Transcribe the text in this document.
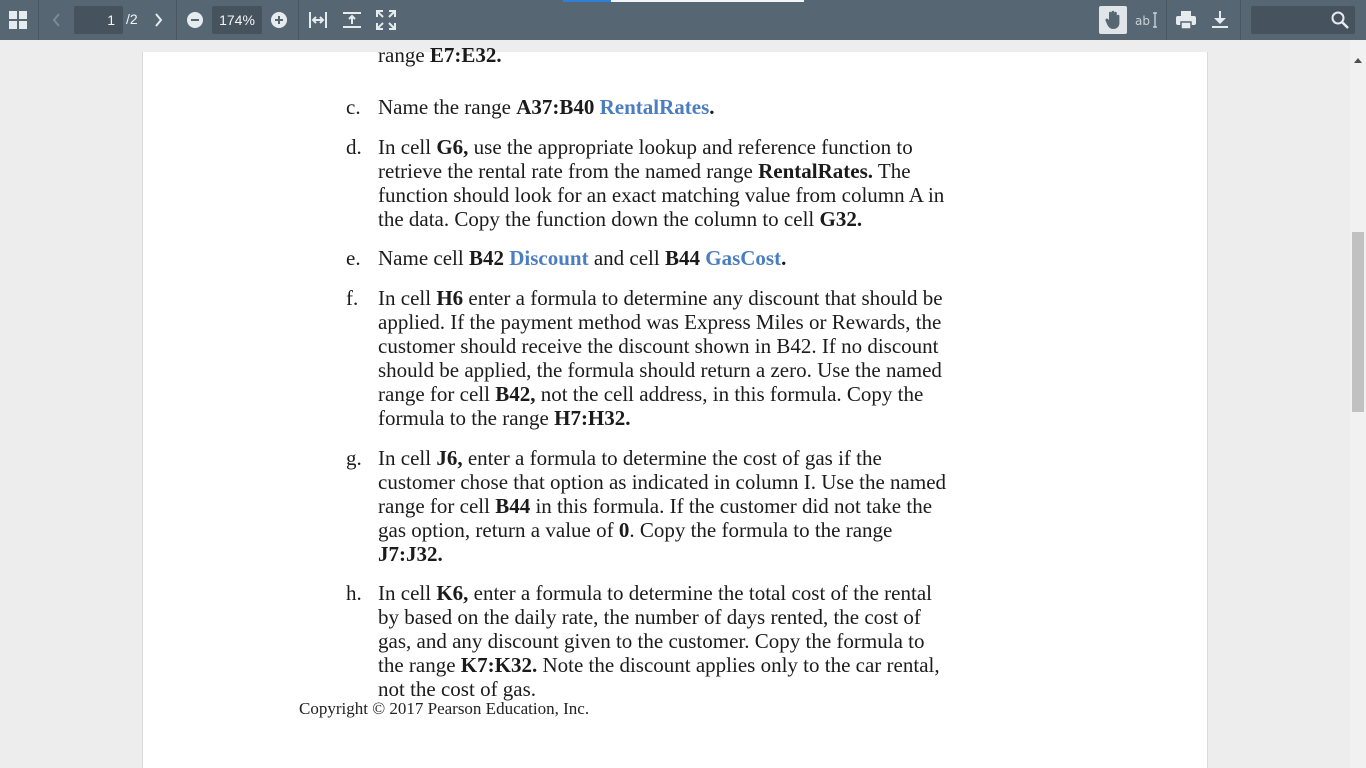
1 /2	174%	ab
range E7:E32.
c. Name the range A37:B40 RentalRates.
d. In cell G6, use the appropriate lookup and reference function to
retrieve the rental rate from the named range RentalRates. The
function should look for an exact matching value from column A in
the data. Copy the function down the column to cell G32.
e. Name cell B42 Discount and cell B44 GasCost.
f. In cell H6 enter a formula to determine any discount that should be
applied. If the payment method was Express Miles or Rewards, the
customer should receive the discount shown in B42. If no discount
should be applied, the formula should return a zero. Use the named
range for cell B42, not the cell address, in this formula. Copy the
formula to the range H7:H32.
g. In cell J6, enter a formula to determine the cost of gas if the
customer chose that option as indicated in column I. Use the named
range for cell B44 in this formula. If the customer did not take the
gas option, return a value of 0. Copy the formula to the range
J7:J32.
h. In cell K6, enter a formula to determine the total cost of the rental
by based on the daily rate, the number of days rented, the cost of
gas, and any discount given to the customer. Copy the formula to
the range K7:K32. Note the discount applies only to the car rental,
not the cost of gas.
Copyright © 2017 Pearson Education, Inc.
